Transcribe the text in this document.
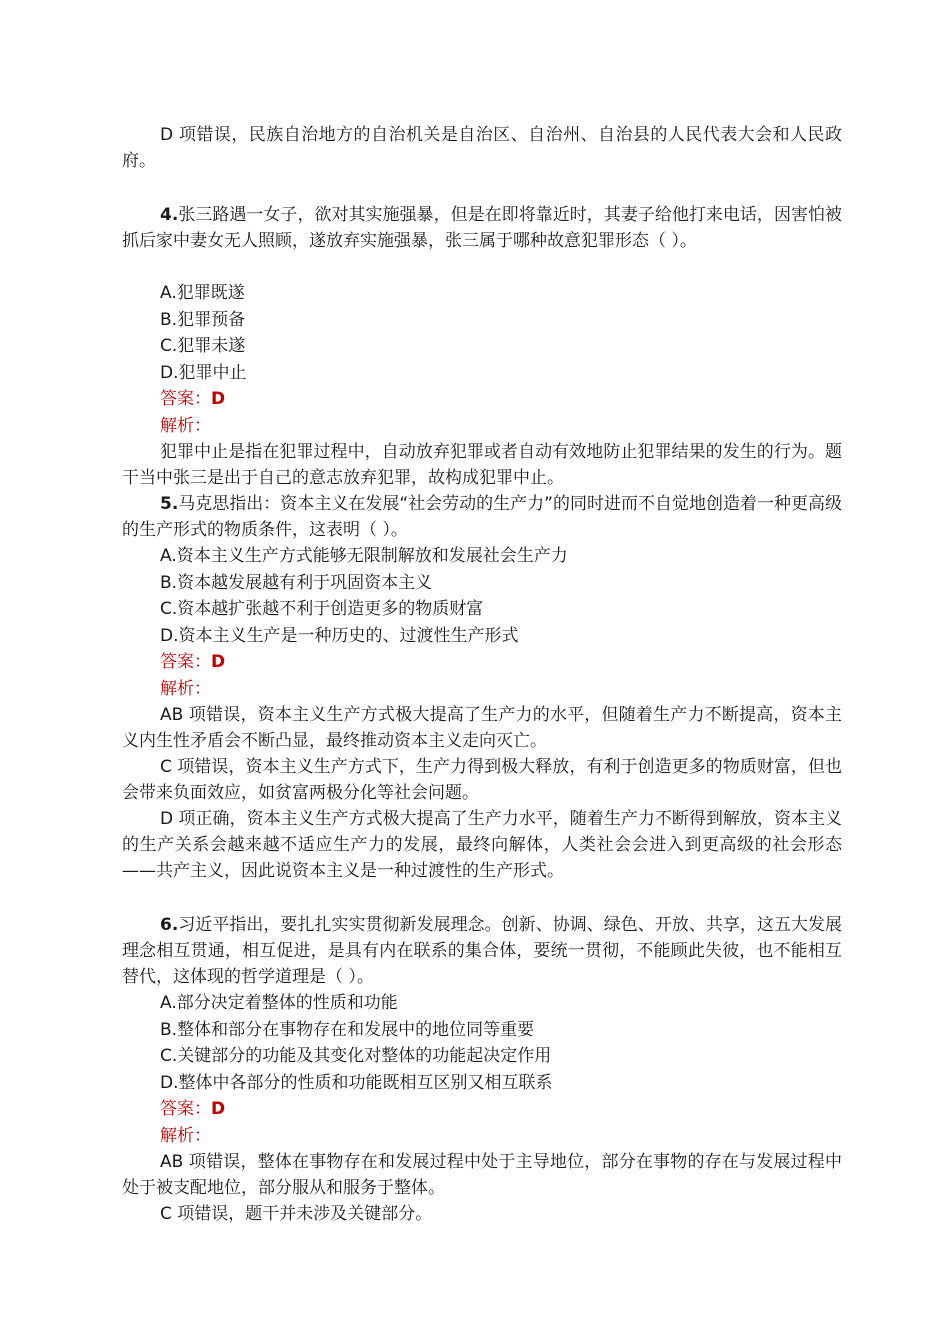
D 项错误，民族自治地方的自治机关是自治区、自治州、自治县的人民代表大会和人民政府。

4.张三路遇一女子，欲对其实施强暴，但是在即将靠近时，其妻子给他打来电话，因害怕被抓后家中妻女无人照顾，遂放弃实施强暴，张三属于哪种故意犯罪形态（ ）。

A.犯罪既遂

B.犯罪预备

C.犯罪未遂

D.犯罪中止

答案：D

解析：

犯罪中止是指在犯罪过程中，自动放弃犯罪或者自动有效地防止犯罪结果的发生的行为。题干当中张三是出于自己的意志放弃犯罪，故构成犯罪中止。

5.马克思指出：资本主义在发展“社会劳动的生产力”的同时进而不自觉地创造着一种更高级的生产形式的物质条件，这表明（ ）。

A.资本主义生产方式能够无限制解放和发展社会生产力

B.资本越发展越有利于巩固资本主义

C.资本越扩张越不利于创造更多的物质财富

D.资本主义生产是一种历史的、过渡性生产形式

答案：D

解析：

AB 项错误，资本主义生产方式极大提高了生产力的水平，但随着生产力不断提高，资本主义内生性矛盾会不断凸显，最终推动资本主义走向灭亡。

C 项错误，资本主义生产方式下，生产力得到极大释放，有利于创造更多的物质财富，但也会带来负面效应，如贫富两极分化等社会问题。

D 项正确，资本主义生产方式极大提高了生产力水平，随着生产力不断得到解放，资本主义的生产关系会越来越不适应生产力的发展，最终向解体，人类社会会进入到更高级的社会形态——共产主义，因此说资本主义是一种过渡性的生产形式。

6.习近平指出，要扎扎实实贯彻新发展理念。创新、协调、绿色、开放、共享，这五大发展理念相互贯通，相互促进，是具有内在联系的集合体，要统一贯彻，不能顾此失彼，也不能相互替代，这体现的哲学道理是（ ）。

A.部分决定着整体的性质和功能

B.整体和部分在事物存在和发展中的地位同等重要

C.关键部分的功能及其变化对整体的功能起决定作用

D.整体中各部分的性质和功能既相互区别又相互联系

答案：D

解析：

AB 项错误，整体在事物存在和发展过程中处于主导地位，部分在事物的存在与发展过程中处于被支配地位，部分服从和服务于整体。

C 项错误，题干并未涉及关键部分。
